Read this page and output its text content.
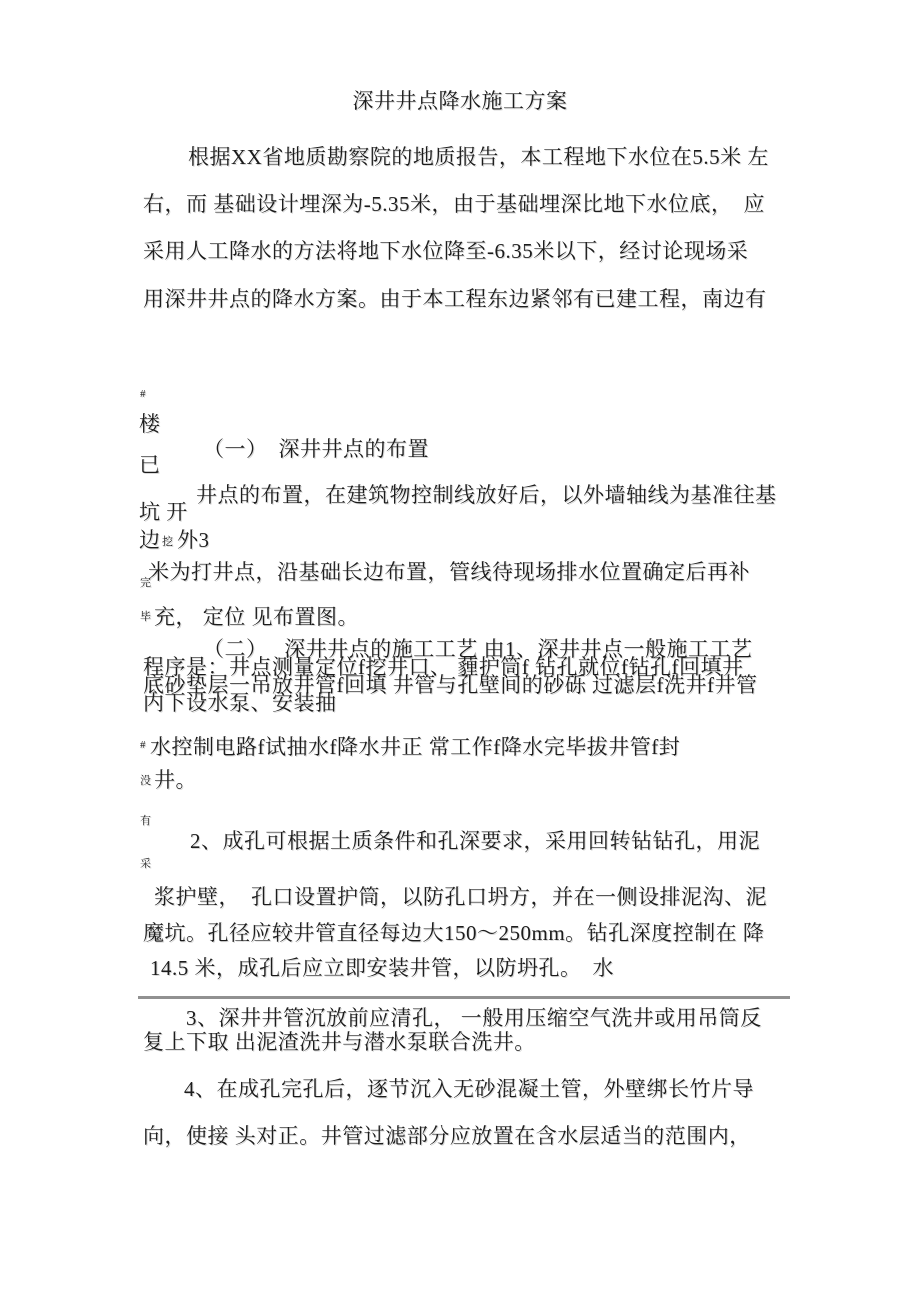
深井井点降水施工方案
根据XX省地质勘察院的地质报告，本工程地下水位在5.5米 左
右，而 基础设计埋深为-5.35米，由于基础埋深比地下水位底，　应
采用人工降水的方法将地下水位降至-6.35米以下，经讨论现场采
用深井井点的降水方案。由于本工程东边紧邻有已建工程，南边有
#
楼
已
坑 开
边 挖 外3
完
毕
#
没
有
采
（一）　深井井点的布置
井点的布置，在建筑物控制线放好后，以外墙轴线为基准往基
米为打井点，沿基础长边布置，管线待现场排水位置确定后再补
充， 定位 见布置图。
（二）　 深井井点的施工工艺 由1、深井井点一般施工工艺
程序是：井点测量定位f挖井口、 薶护筒f 钻孔就位f钻孔f回填井
底砂垫层一吊放井管f回填 井管与孔壁间的砂砾 过滤层f洗井f井管
内下设水泵、安装抽
水控制电路f试抽水f降水井正 常工作f降水完毕拔井管f封
井。
2、成孔可根据土质条件和孔深要求，采用回转钻钻孔，用泥
浆护壁，　孔口设置护筒，以防孔口坍方，并在一侧设排泥沟、泥
魔坑。孔径应较井管直径每边大150〜250mm。钻孔深度控制在 降
14.5 米，成孔后应立即安装井管，以防坍孔。　水
3、深井井管沉放前应清孔， 一般用压缩空气洗井或用吊筒反
复上下取 出泥渣洗井与潜水泵联合洗井。
4、在成孔完孔后，逐节沉入无砂混凝土管，外壁绑长竹片导
向，使接 头对正。井管过滤部分应放置在含水层适当的范围内，
